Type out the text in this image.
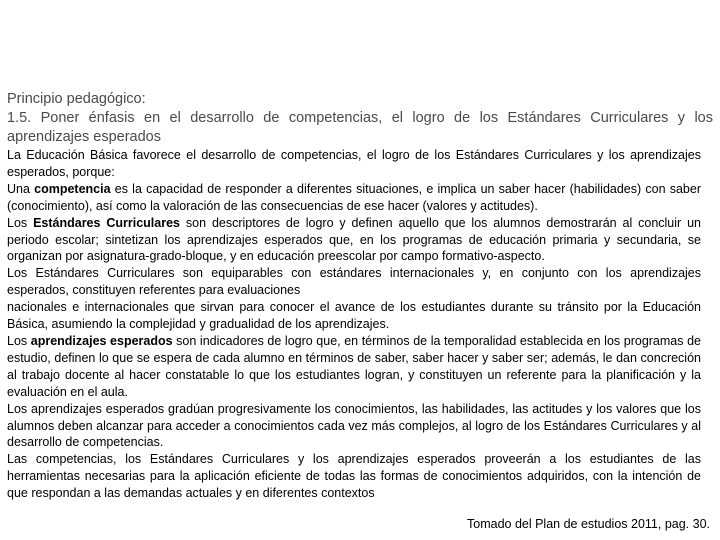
Principio pedagógico:
1.5. Poner énfasis en el desarrollo de competencias, el logro de los Estándares Curriculares y los aprendizajes esperados

La Educación Básica favorece el desarrollo de competencias, el logro de los Estándares Curriculares y los aprendizajes esperados, porque:

Una competencia es la capacidad de responder a diferentes situaciones, e implica un saber hacer (habilidades) con saber (conocimiento), así como la valoración de las consecuencias de ese hacer (valores y actitudes).

Los Estándares Curriculares son descriptores de logro y definen aquello que los alumnos demostrarán al concluir un periodo escolar; sintetizan los aprendizajes esperados que, en los programas de educación primaria y secundaria, se organizan por asignatura-grado-bloque, y en educación preescolar por campo formativo-aspecto.

Los Estándares Curriculares son equiparables con estándares internacionales y, en conjunto con los aprendizajes esperados, constituyen referentes para evaluaciones

nacionales e internacionales que sirvan para conocer el avance de los estudiantes durante su tránsito por la Educación Básica, asumiendo la complejidad y gradualidad de los aprendizajes.

Los aprendizajes esperados son indicadores de logro que, en términos de la temporalidad establecida en los programas de estudio, definen lo que se espera de cada alumno en términos de saber, saber hacer y saber ser; además, le dan concreción al trabajo docente al hacer constatable lo que los estudiantes logran, y constituyen un referente para la planificación y la evaluación en el aula.

Los aprendizajes esperados gradúan progresivamente los conocimientos, las habilidades, las actitudes y los valores que los alumnos deben alcanzar para acceder a conocimientos cada vez más complejos, al logro de los Estándares Curriculares y al desarrollo de competencias.

Las competencias, los Estándares Curriculares y los aprendizajes esperados proveerán a los estudiantes de las herramientas necesarias para la aplicación eficiente de todas las formas de conocimientos adquiridos, con la intención de que respondan a las demandas actuales y en diferentes contextos

Tomado del Plan de estudios 2011, pag. 30.
